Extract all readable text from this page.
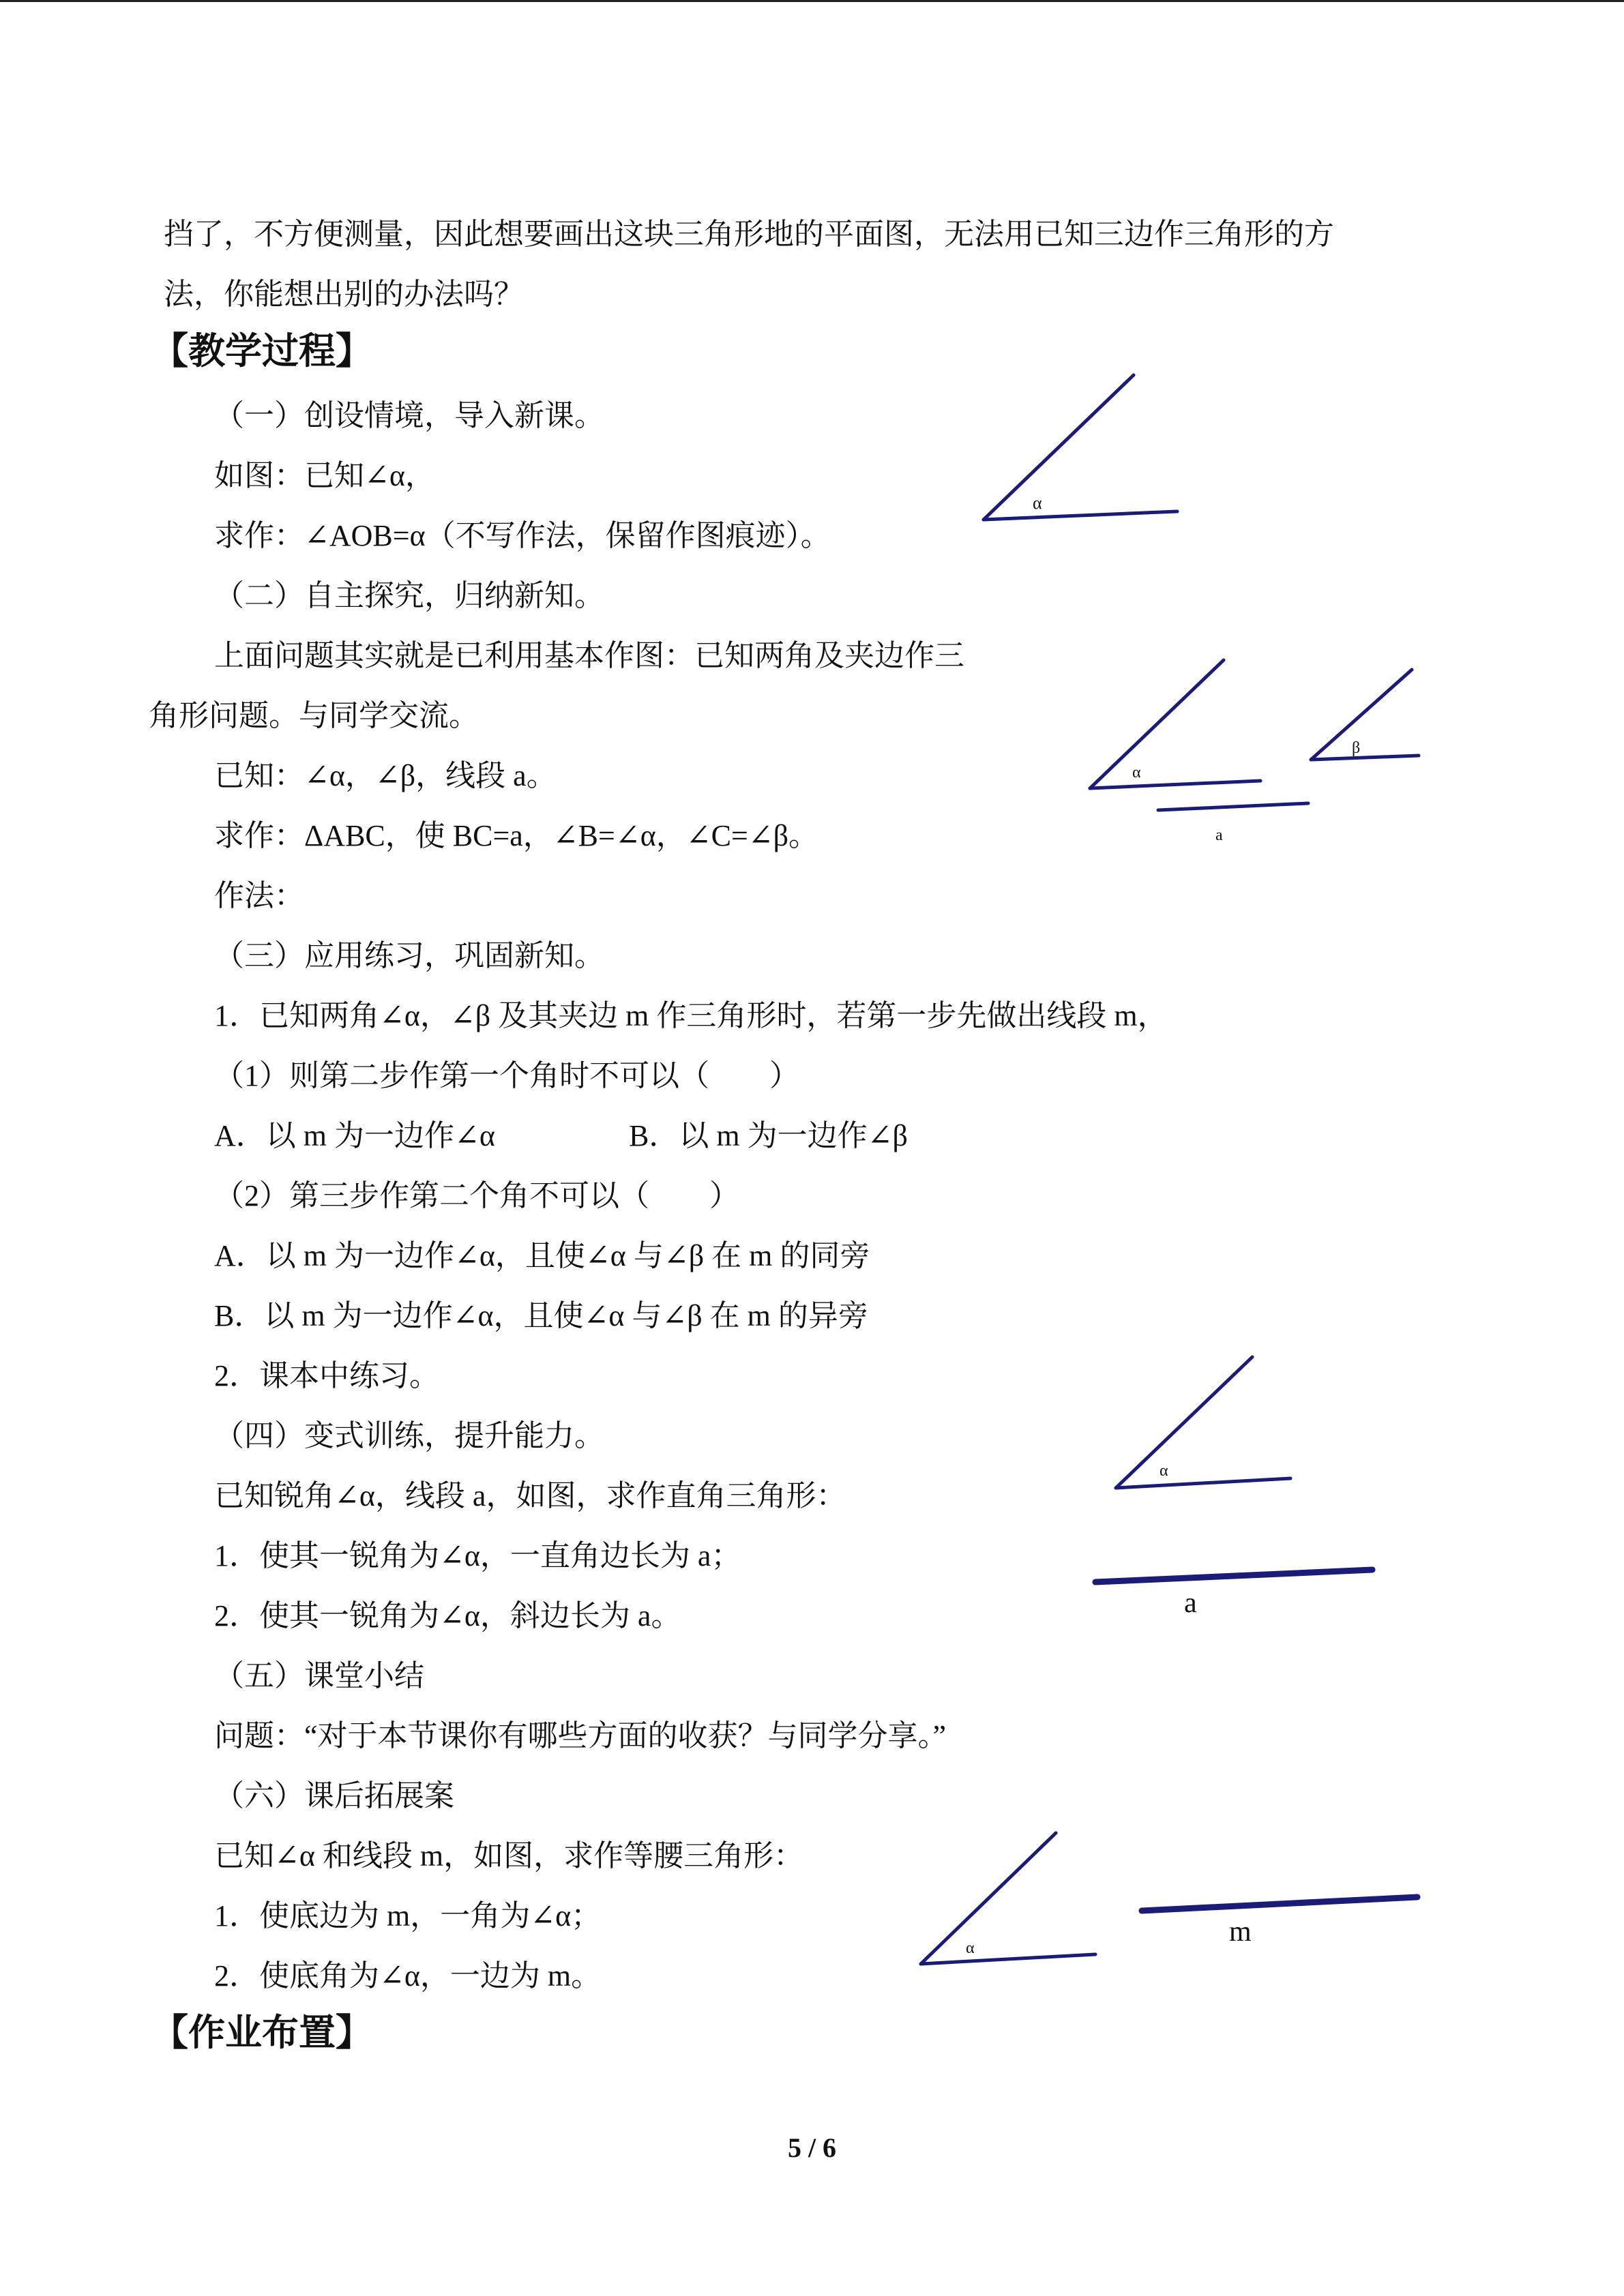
挡了，不方便测量，因此想要画出这块三角形地的平面图，无法用已知三边作三角形的方
法，你能想出别的办法吗？
【教学过程】
（一）创设情境，导入新课。
如图：已知∠α，
求作：∠AOB=α（不写作法，保留作图痕迹）。
（二）自主探究，归纳新知。
上面问题其实就是已利用基本作图：已知两角及夹边作三
角形问题。与同学交流。
已知：∠α，∠β，线段 a。
求作：ΔABC，使 BC=a，∠B=∠α，∠C=∠β。
作法：
（三）应用练习，巩固新知。
1．已知两角∠α，∠β 及其夹边 m 作三角形时，若第一步先做出线段 m，
（1）则第二步作第一个角时不可以（　　）
A．以 m 为一边作∠α	B．以 m 为一边作∠β
（2）第三步作第二个角不可以（　　）
A．以 m 为一边作∠α，且使∠α 与∠β 在 m 的同旁
B．以 m 为一边作∠α，且使∠α 与∠β 在 m 的异旁
2．课本中练习。
（四）变式训练，提升能力。
已知锐角∠α，线段 a，如图，求作直角三角形：
1．使其一锐角为∠α，一直角边长为 a；
2．使其一锐角为∠α，斜边长为 a。
（五）课堂小结
问题：“对于本节课你有哪些方面的收获？与同学分享。”
（六）课后拓展案
已知∠α 和线段 m，如图，求作等腰三角形：
1．使底边为 m，一角为∠α；
2．使底角为∠α，一边为 m。
【作业布置】
α
α
β
a
α
a
α
m
5 / 6
